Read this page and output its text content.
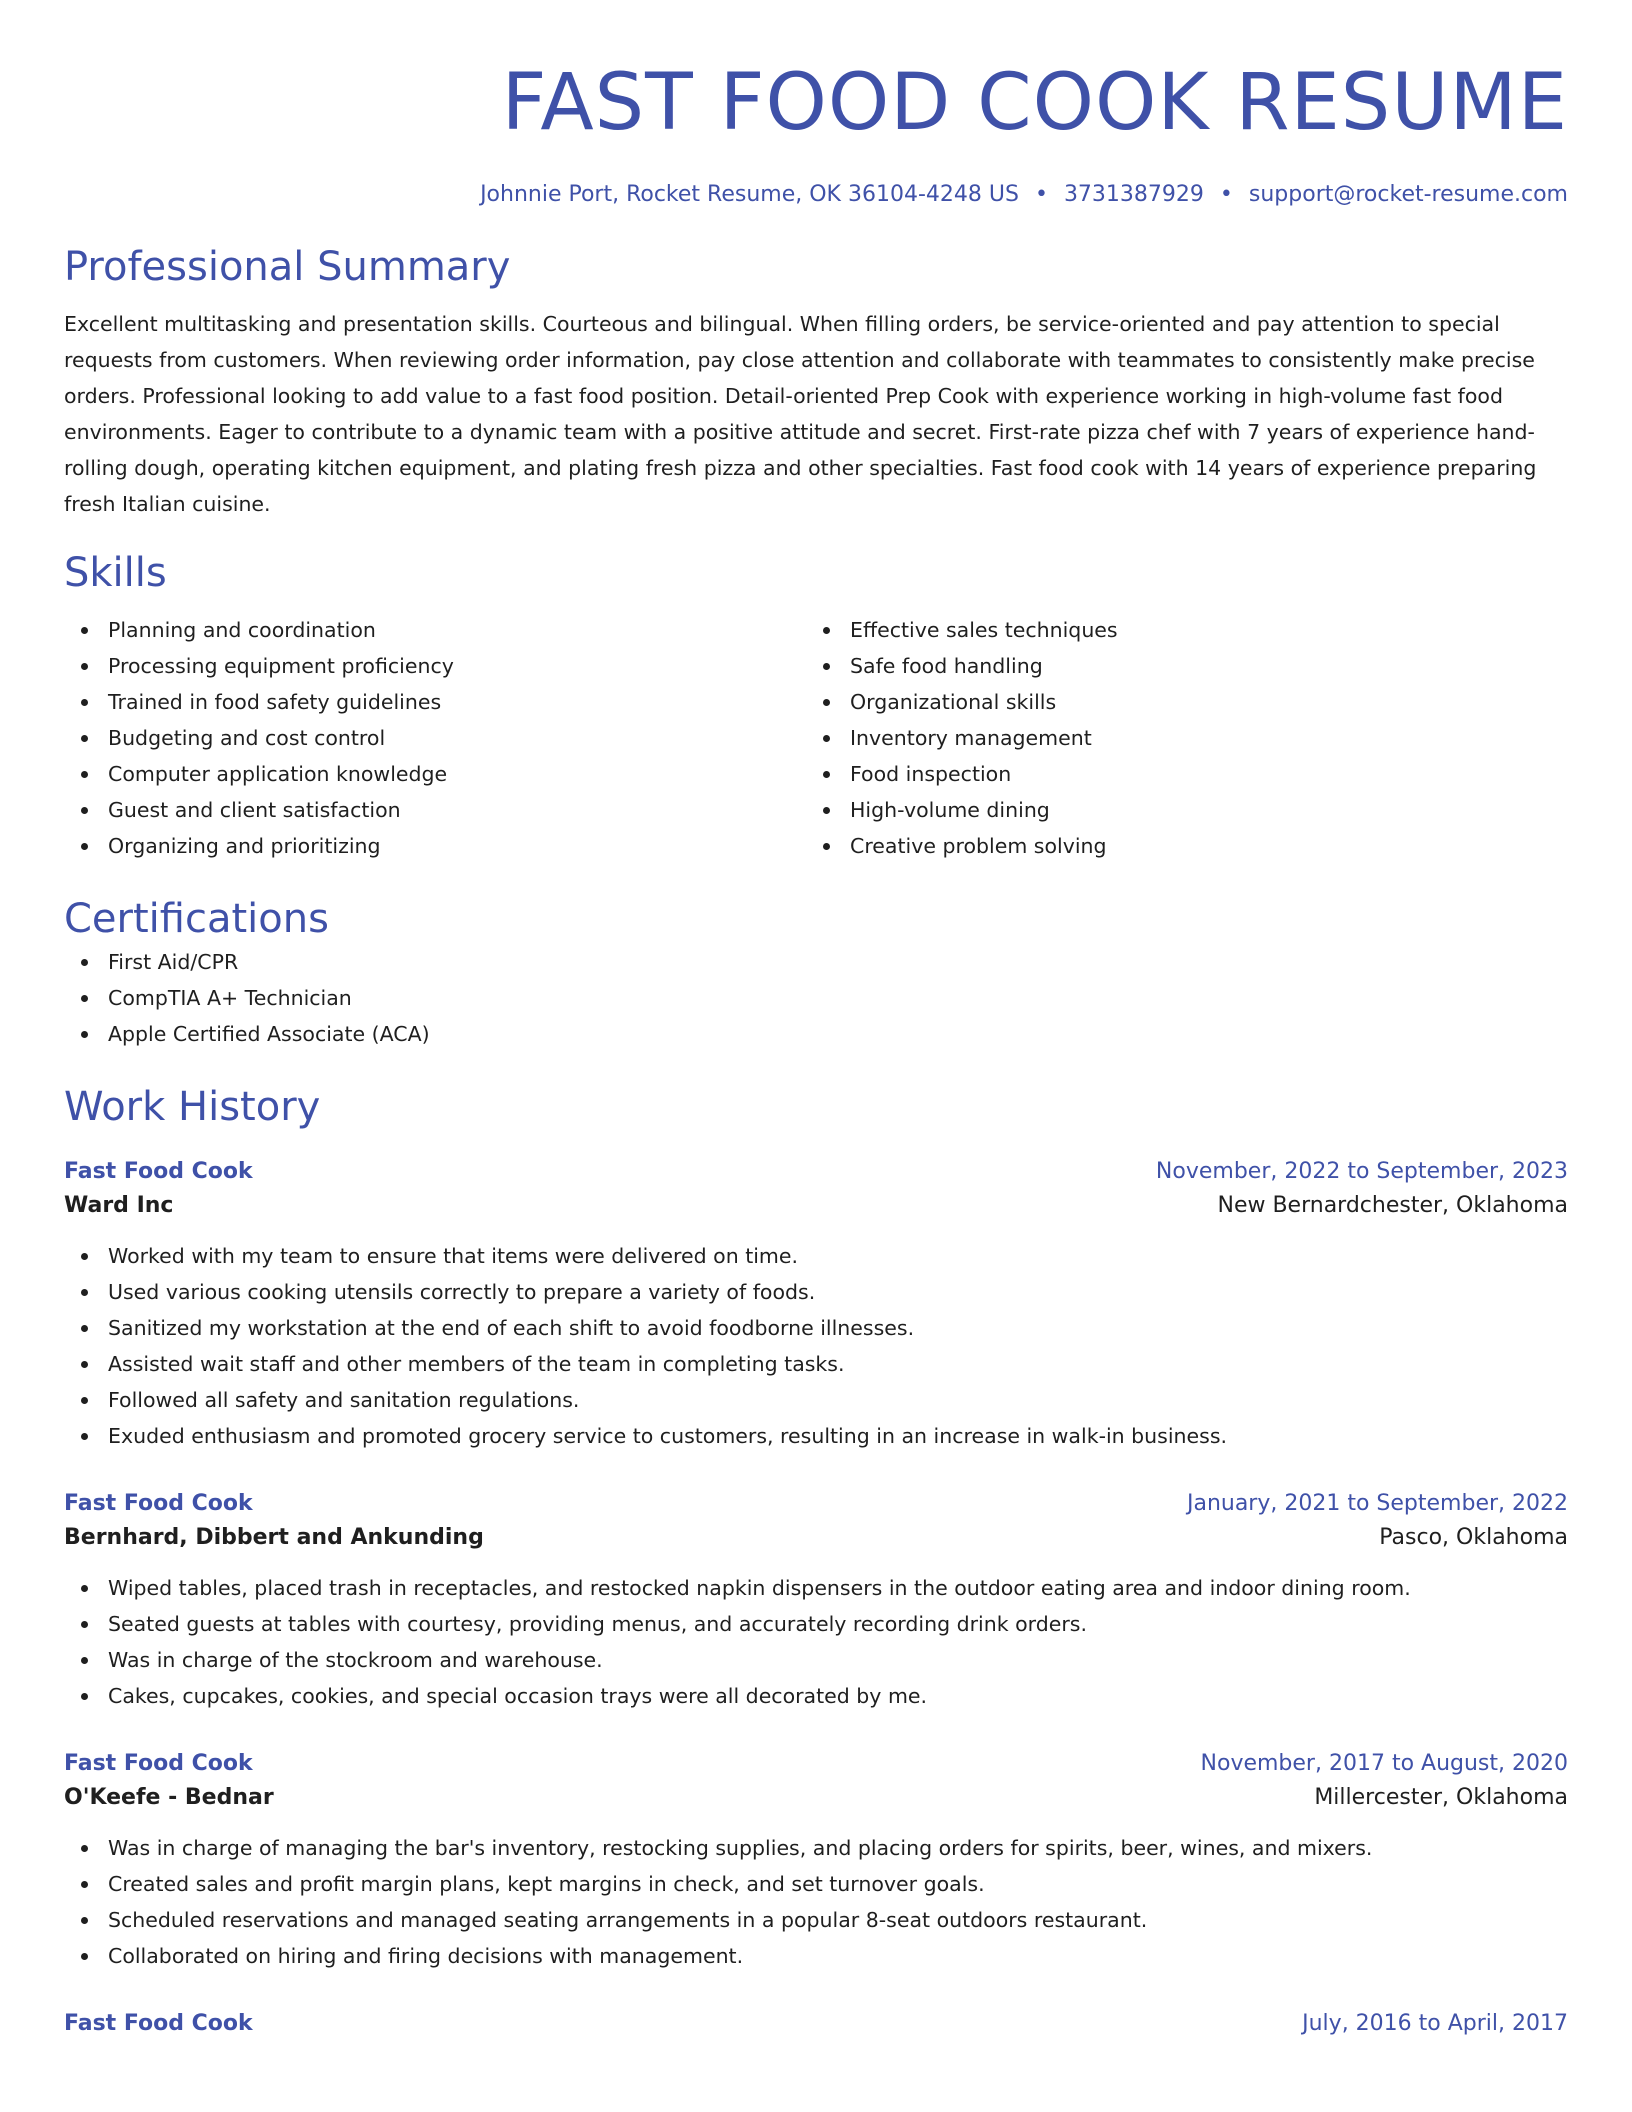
FAST FOOD COOK RESUME
Johnnie Port, Rocket Resume, OK 36104-4248 US • 3731387929 • support@rocket-resume.com
Professional Summary

Excellent multitasking and presentation skills. Courteous and bilingual. When filling orders, be service-oriented and pay attention to special requests from customers. When reviewing order information, pay close attention and collaborate with teammates to consistently make precise orders. Professional looking to add value to a fast food position. Detail-oriented Prep Cook with experience working in high-volume fast food environments. Eager to contribute to a dynamic team with a positive attitude and secret. First-rate pizza chef with 7 years of experience hand-rolling dough, operating kitchen equipment, and plating fresh pizza and other specialties. Fast food cook with 14 years of experience preparing fresh Italian cuisine.

Skills
Planning and coordination
Processing equipment proficiency
Trained in food safety guidelines
Budgeting and cost control
Computer application knowledge
Guest and client satisfaction
Organizing and prioritizing
Effective sales techniques
Safe food handling
Organizational skills
Inventory management
Food inspection
High-volume dining
Creative problem solving
Certifications
First Aid/CPR
CompTIA A+ Technician
Apple Certified Associate (ACA)
Work History
Fast Food Cook	November, 2022 to September, 2023
Ward Inc	New Bernardchester, Oklahoma
Worked with my team to ensure that items were delivered on time.
Used various cooking utensils correctly to prepare a variety of foods.
Sanitized my workstation at the end of each shift to avoid foodborne illnesses.
Assisted wait staff and other members of the team in completing tasks.
Followed all safety and sanitation regulations.
Exuded enthusiasm and promoted grocery service to customers, resulting in an increase in walk-in business.
Fast Food Cook	January, 2021 to September, 2022
Bernhard, Dibbert and Ankunding	Pasco, Oklahoma
Wiped tables, placed trash in receptacles, and restocked napkin dispensers in the outdoor eating area and indoor dining room.
Seated guests at tables with courtesy, providing menus, and accurately recording drink orders.
Was in charge of the stockroom and warehouse.
Cakes, cupcakes, cookies, and special occasion trays were all decorated by me.
Fast Food Cook	November, 2017 to August, 2020
O'Keefe - Bednar	Millercester, Oklahoma
Was in charge of managing the bar's inventory, restocking supplies, and placing orders for spirits, beer, wines, and mixers.
Created sales and profit margin plans, kept margins in check, and set turnover goals.
Scheduled reservations and managed seating arrangements in a popular 8-seat outdoors restaurant.
Collaborated on hiring and firing decisions with management.
Fast Food Cook	July, 2016 to April, 2017
